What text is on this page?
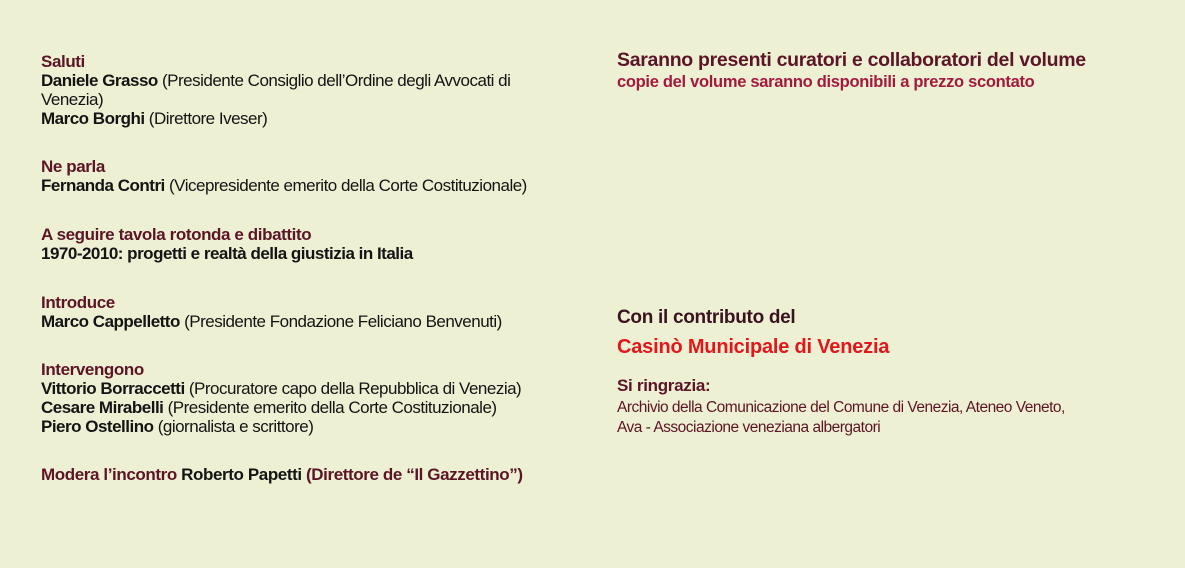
Saluti
Daniele Grasso (Presidente Consiglio dell’Ordine degli Avvocati di
Venezia)
Marco Borghi (Direttore Iveser)
Ne parla
Fernanda Contri (Vicepresidente emerito della Corte Costituzionale)
A seguire tavola rotonda e dibattito
1970-2010: progetti e realtà della giustizia in Italia
Introduce
Marco Cappelletto (Presidente Fondazione Feliciano Benvenuti)
Intervengono
Vittorio Borraccetti (Procuratore capo della Repubblica di Venezia)
Cesare Mirabelli (Presidente emerito della Corte Costituzionale)
Piero Ostellino (giornalista e scrittore)
Modera l’incontro Roberto Papetti (Direttore de “Il Gazzettino”)
Saranno presenti curatori e collaboratori del volume
copie del volume saranno disponibili a prezzo scontato
Con il contributo del
Casinò Municipale di Venezia
Si ringrazia:
Archivio della Comunicazione del Comune di Venezia, Ateneo Veneto,
Ava - Associazione veneziana albergatori
